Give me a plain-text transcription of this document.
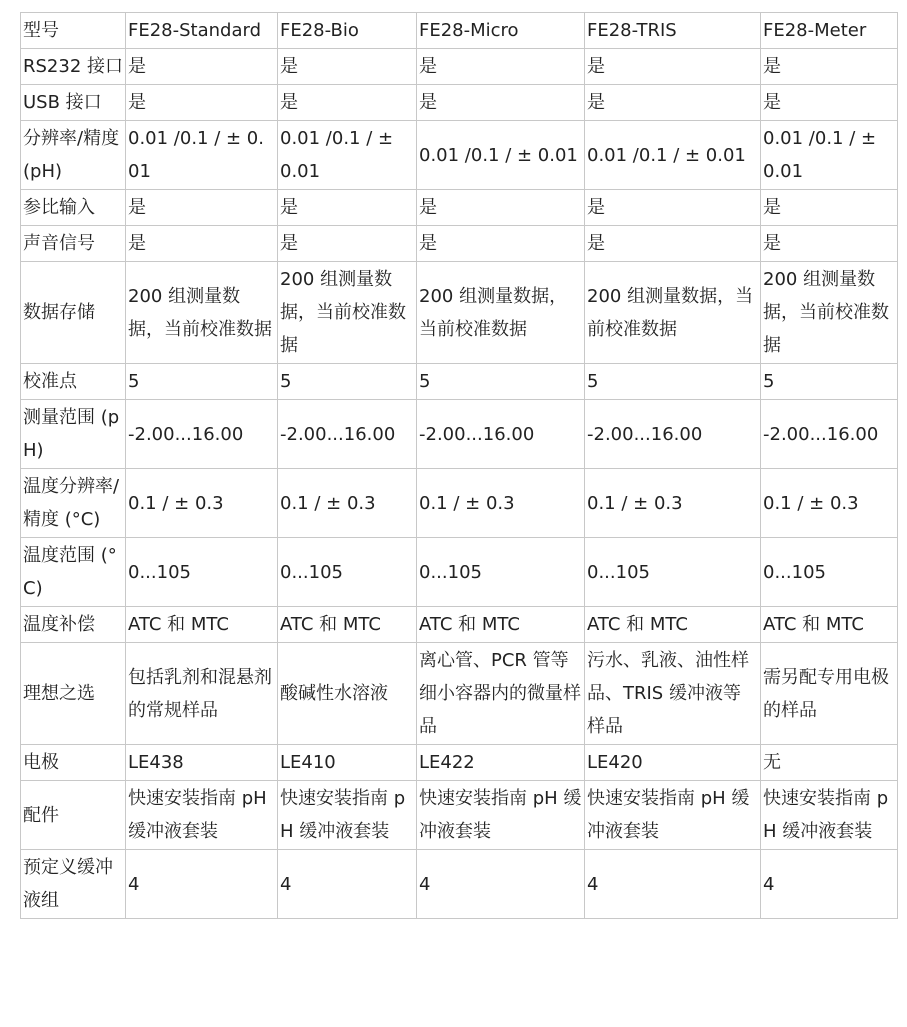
型号	FE28-Standard	FE28-Bio	FE28-Micro	FE28-TRIS	FE28-Meter
RS232 接口	是	是	是	是	是
USB 接口	是	是	是	是	是
分辨率/精度 (pH)	0.01 /0.1 / ± 0.01	0.01 /0.1 / ± 0.01	0.01 /0.1 / ± 0.01	0.01 /0.1 / ± 0.01	0.01 /0.1 / ± 0.01
参比输入	是	是	是	是	是
声音信号	是	是	是	是	是
数据存储	200 组测量数据，当前校准数据	200 组测量数据，当前校准数据	200 组测量数据，当前校准数据	200 组测量数据，当前校准数据	200 组测量数据，当前校准数据
校准点	5	5	5	5	5
测量范围 (pH)	-2.00...16.00	-2.00...16.00	-2.00...16.00	-2.00...16.00	-2.00...16.00
温度分辨率/精度 (°C)	0.1 / ± 0.3	0.1 / ± 0.3	0.1 / ± 0.3	0.1 / ± 0.3	0.1 / ± 0.3
温度范围 (°C)	0...105	0...105	0...105	0...105	0...105
温度补偿	ATC 和 MTC	ATC 和 MTC	ATC 和 MTC	ATC 和 MTC	ATC 和 MTC
理想之选	包括乳剂和混悬剂的常规样品	酸碱性水溶液	离心管、PCR 管等细小容器内的微量样品	污水、乳液、油性样品、TRIS 缓冲液等样品	需另配专用电极的样品
电极	LE438	LE410	LE422	LE420	无
配件	快速安装指南 pH 缓冲液套装	快速安装指南 pH 缓冲液套装	快速安装指南 pH 缓冲液套装	快速安装指南 pH 缓冲液套装	快速安装指南 pH 缓冲液套装
预定义缓冲液组	4	4	4	4	4
